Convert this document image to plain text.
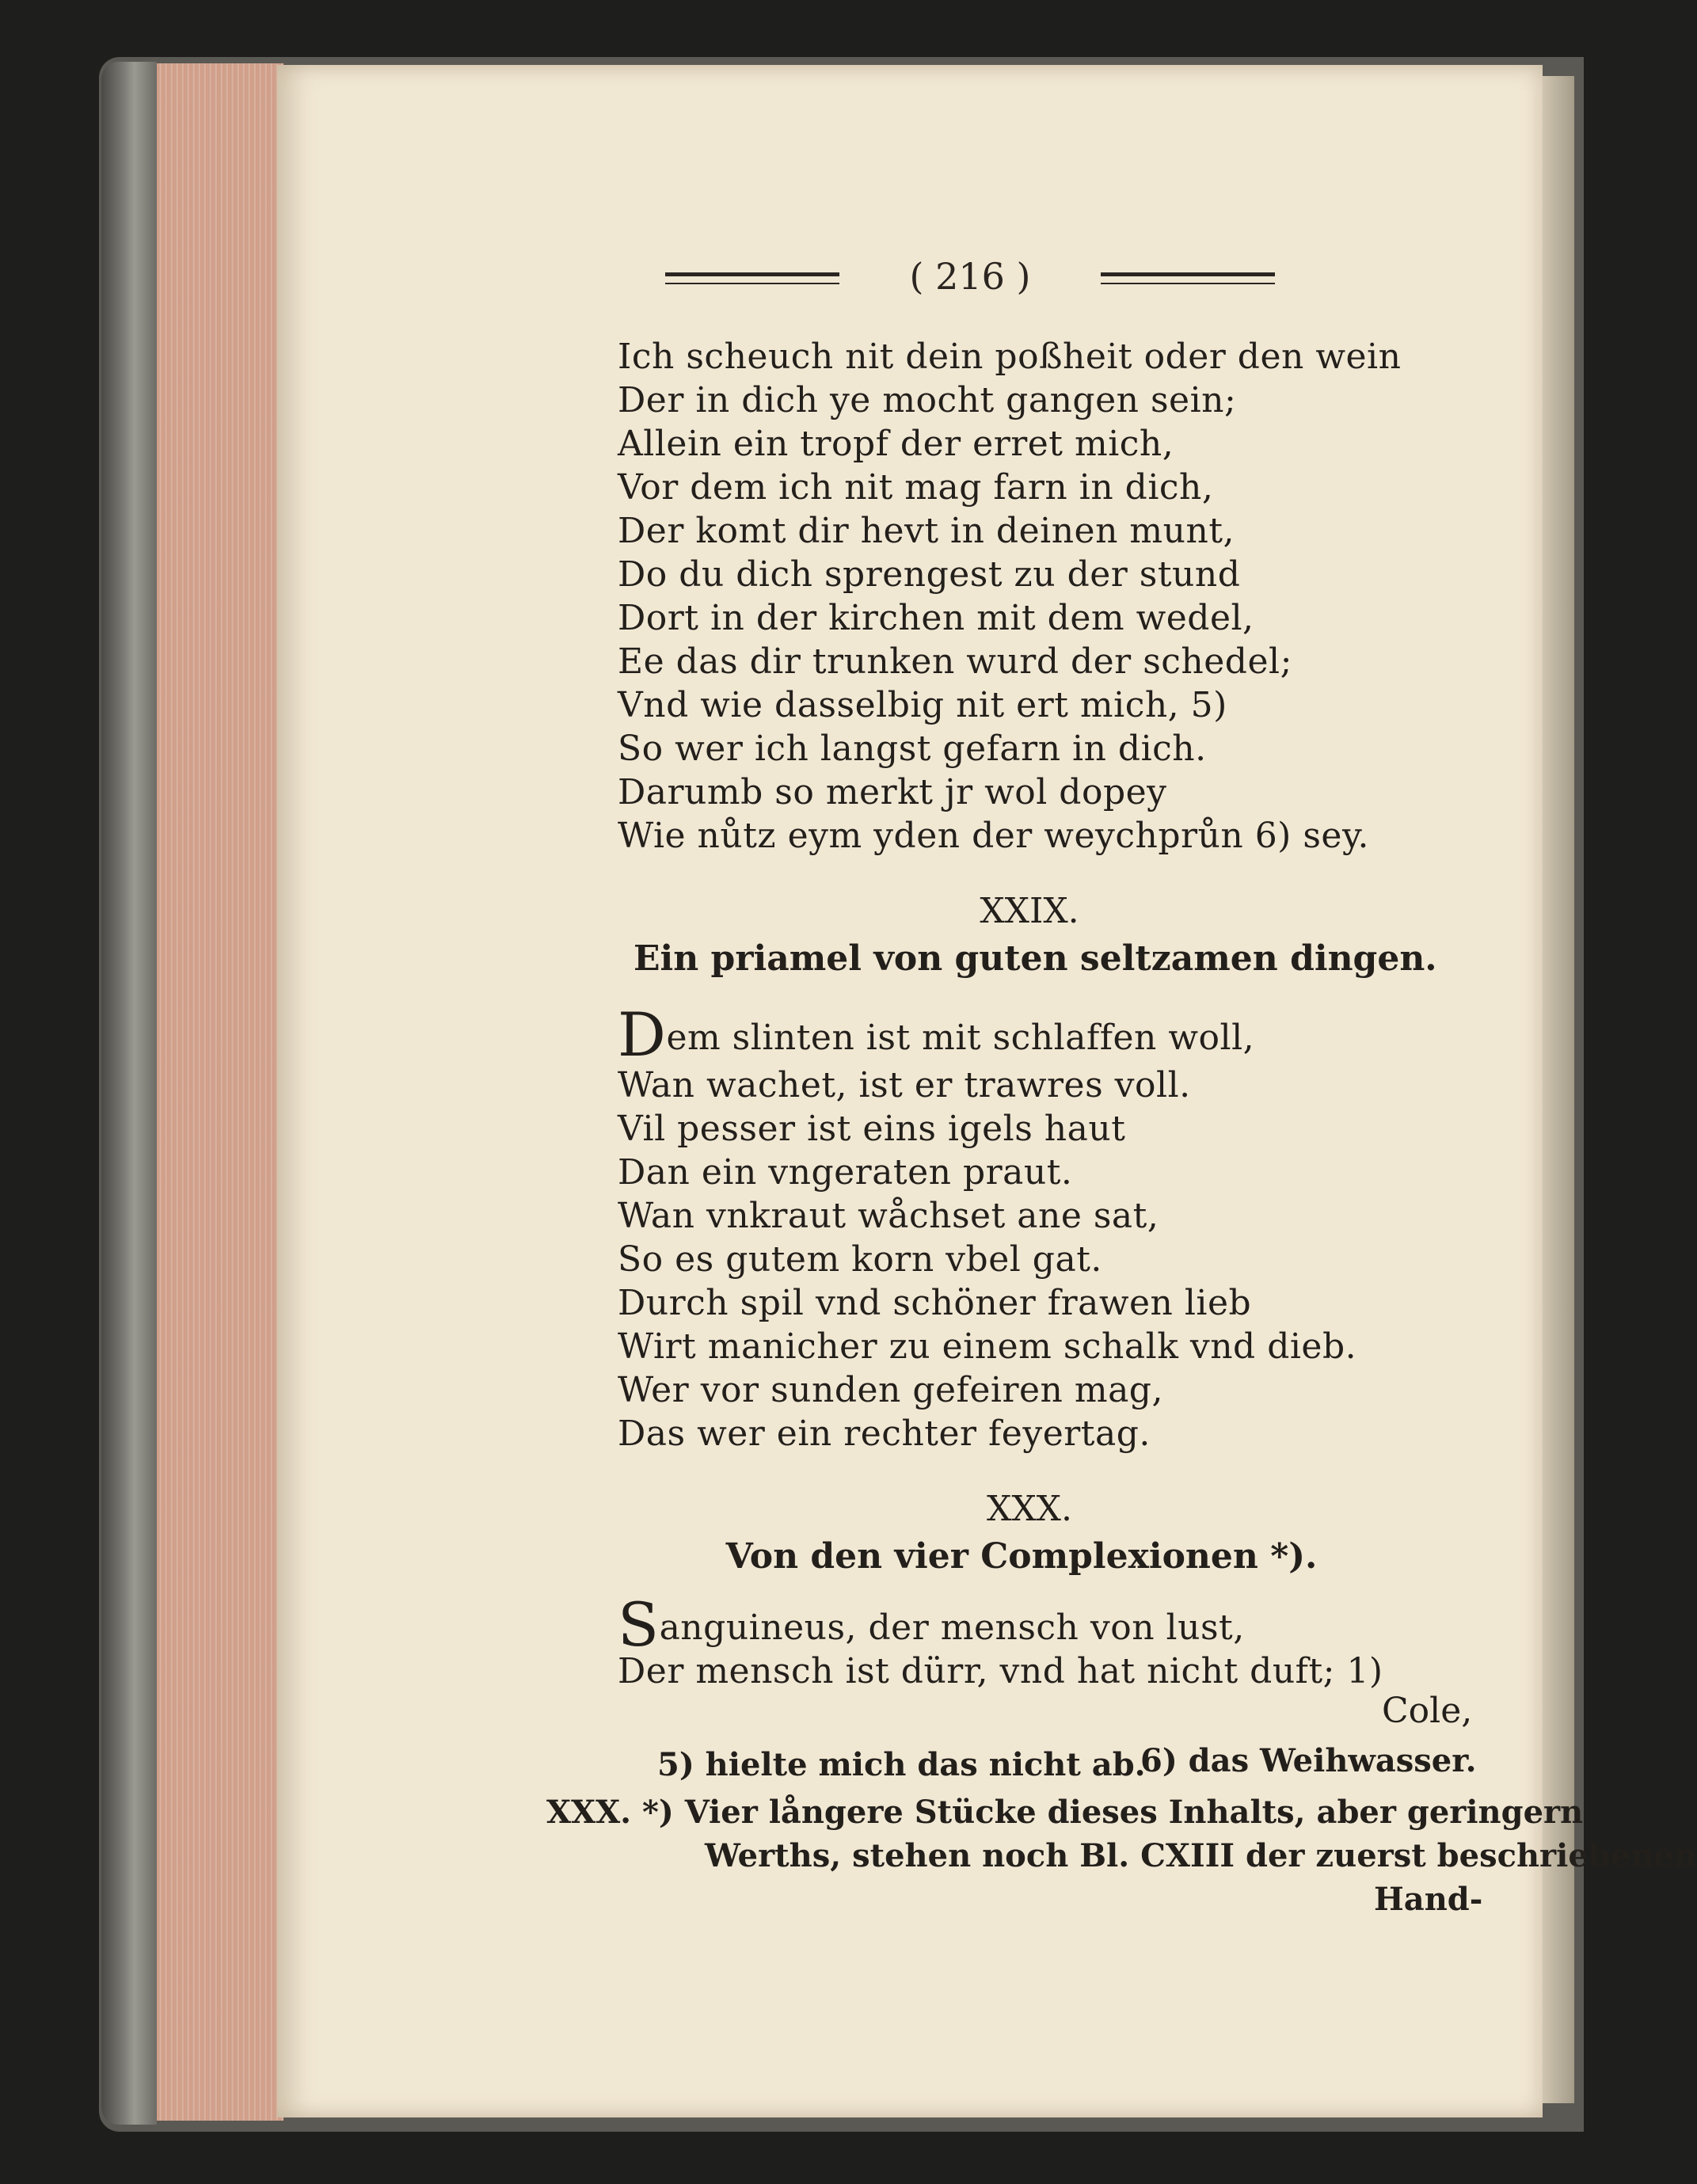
( 216 )
Ich scheuch nit dein poßheit oder den wein
Der in dich ye mocht gangen sein;
Allein ein tropf der erret mich,
Vor dem ich nit mag farn in dich,
Der komt dir hevt in deinen munt,
Do du dich sprengest zu der stund
Dort in der kirchen mit dem wedel,
Ee das dir trunken wurd der schedel;
Vnd wie dasselbig nit ert mich, 5)
So wer ich langst gefarn in dich.
Darumb so merkt jr wol dopey
Wie nůtz eym yden der weychprůn 6) sey.
XXIX.
Ein priamel von guten seltzamen dingen.
Dem slinten ist mit schlaffen woll,
Wan wachet, ist er trawres voll.
Vil pesser ist eins igels haut
Dan ein vngeraten praut.
Wan vnkraut wåchset ane sat,
So es gutem korn vbel gat.
Durch spil vnd schöner frawen lieb
Wirt manicher zu einem schalk vnd dieb.
Wer vor sunden gefeiren mag,
Das wer ein rechter feyertag.
XXX.
Von den vier Complexionen *).
Sanguineus, der mensch von lust,
Der mensch ist dürr, vnd hat nicht duft; 1)
Cole,
5) hielte mich das nicht ab.
6) das Weihwasser.
XXX. *) Vier långere Stücke dieses Inhalts, aber geringern
Werths, stehen noch Bl. CXIII der zuerst beschriebenen
Hand-
